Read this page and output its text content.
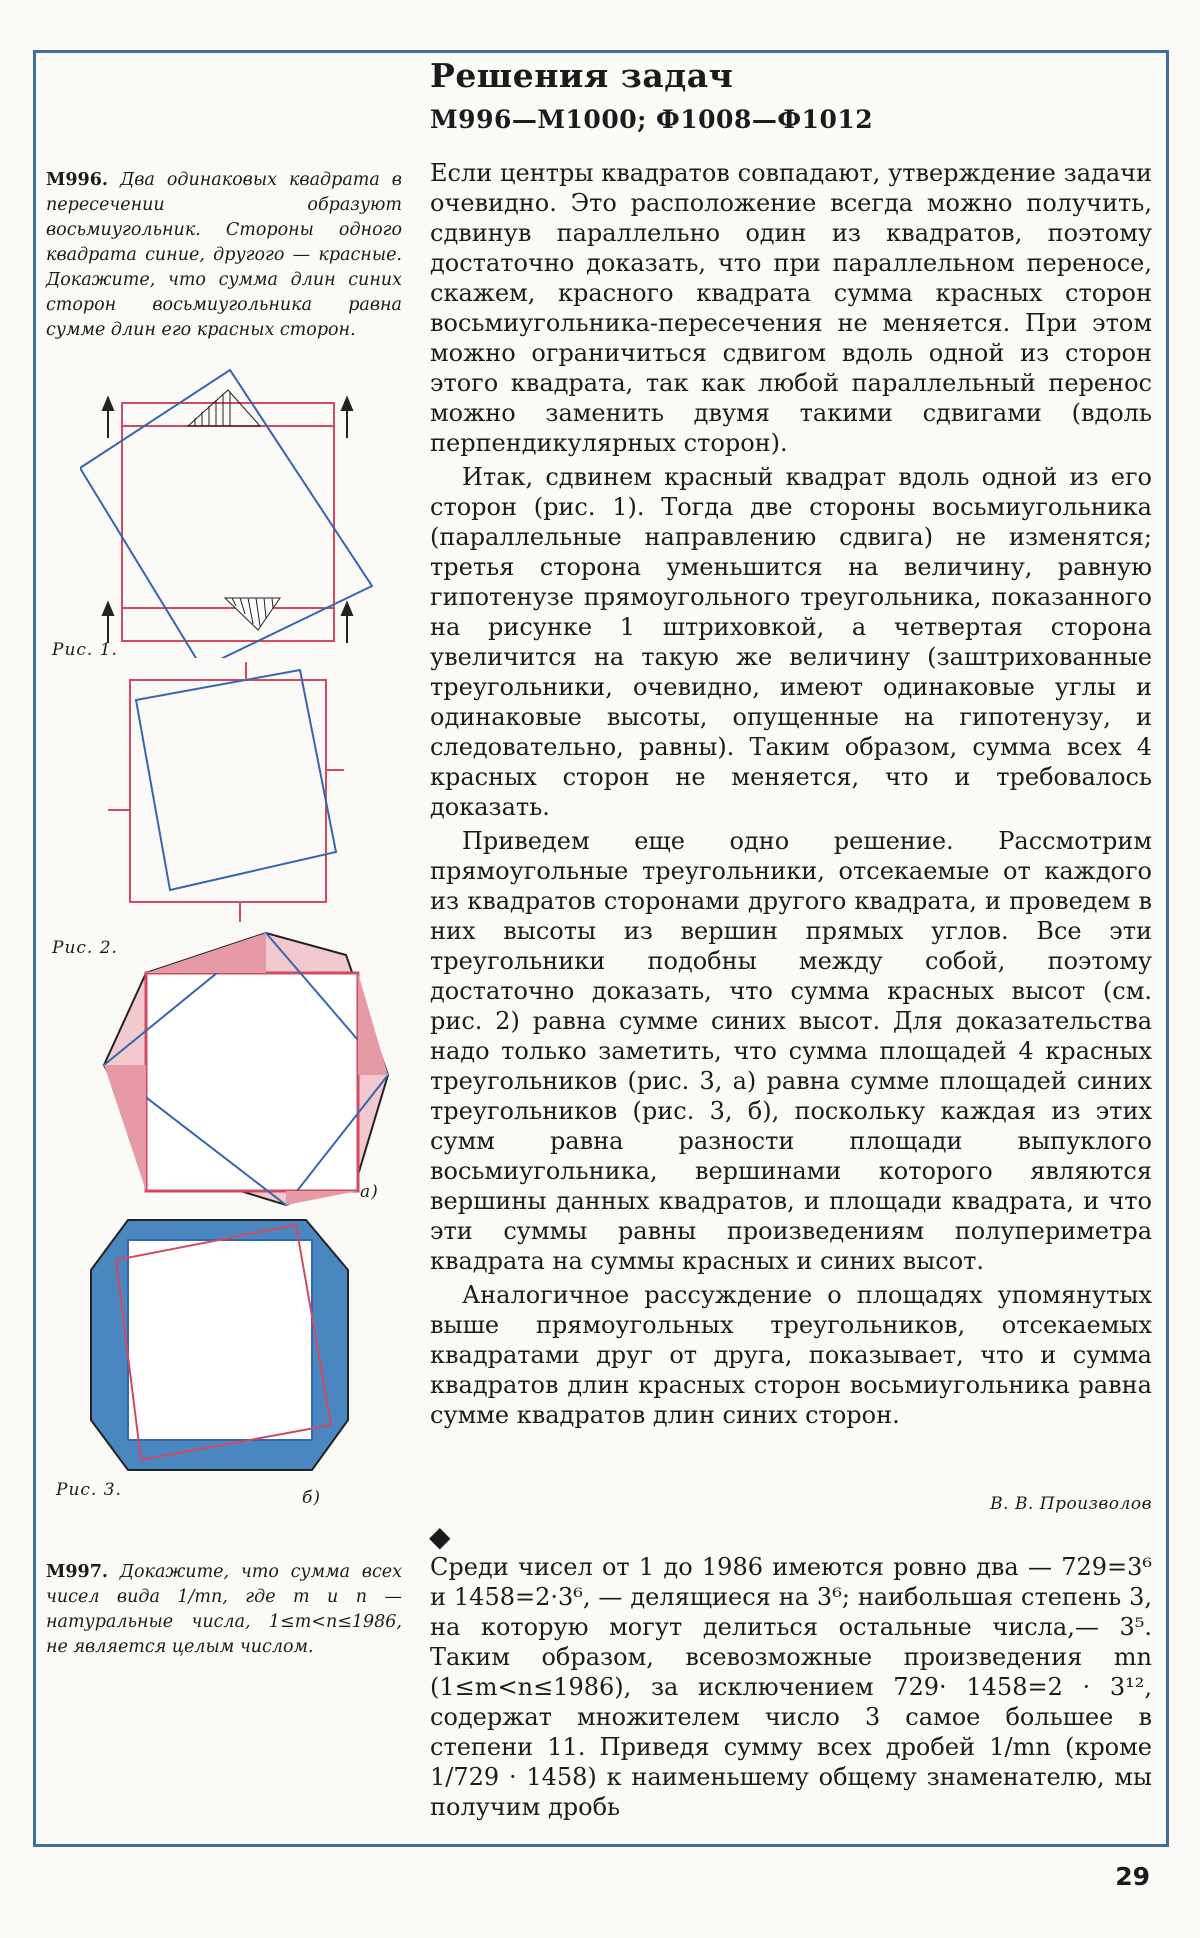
Решения задач
М996—М1000; Ф1008—Ф1012
М996. Два одинаковых квадрата в пересечении образуют восьмиугольник. Стороны одного квадрата синие, другого — красные. Докажите, что сумма длин синих сторон восьмиугольника равна сумме длин его красных сторон.
Рис. 1.
Рис. 2.
а)
Рис. 3.	б)
М997. Докажите, что сумма всех чисел вида 1/mn, где m и n — натуральные числа, 1≤m<n≤1986, не является целым числом.

Если центры квадратов совпадают, утверждение задачи очевидно. Это расположение всегда можно получить, сдвинув параллельно один из квадратов, поэтому достаточно доказать, что при параллельном переносе, скажем, красного квадрата сумма красных сторон восьмиугольника-пересечения не меняется. При этом можно ограничиться сдвигом вдоль одной из сторон этого квадрата, так как любой параллельный перенос можно заменить двумя такими сдвигами (вдоль перпендикулярных сторон).

Итак, сдвинем красный квадрат вдоль одной из его сторон (рис. 1). Тогда две стороны восьмиугольника (параллельные направлению сдвига) не изменятся; третья сторона уменьшится на величину, равную гипотенузе прямоугольного треугольника, показанного на рисунке 1 штриховкой, а четвертая сторона увеличится на такую же величину (заштрихованные треугольники, очевидно, имеют одинаковые углы и одинаковые высоты, опущенные на гипотенузу, и следовательно, равны). Таким образом, сумма всех 4 красных сторон не меняется, что и требовалось доказать.

Приведем еще одно решение. Рассмотрим прямоугольные треугольники, отсекаемые от каждого из квадратов сторонами другого квадрата, и проведем в них высоты из вершин прямых углов. Все эти треугольники подобны между собой, поэтому достаточно доказать, что сумма красных высот (см. рис. 2) равна сумме синих высот. Для доказательства надо только заметить, что сумма площадей 4 красных треугольников (рис. 3, а) равна сумме площадей синих треугольников (рис. 3, б), поскольку каждая из этих сумм равна разности площади выпуклого восьмиугольника, вершинами которого являются вершины данных квадратов, и площади квадрата, и что эти суммы равны произведениям полупериметра квадрата на суммы красных и синих высот.

Аналогичное рассуждение о площадях упомянутых выше прямоугольных треугольников, отсекаемых квадратами друг от друга, показывает, что и сумма квадратов длин красных сторон восьмиугольника равна сумме квадратов длин синих сторон.

В. В. Произволов
◆

Среди чисел от 1 до 1986 имеются ровно два — 729=3⁶ и 1458=2·3⁶, — делящиеся на 3⁶; наибольшая степень 3, на которую могут делиться остальные числа,— 3⁵. Таким образом, всевозможные произведения mn (1≤m<n≤1986), за исключением 729· 1458=2 · 3¹², содержат множителем число 3 самое большее в степени 11. Приведя сумму всех дробей 1/mn (кроме 1/729 · 1458) к наименьшему общему знаменателю, мы получим дробь

29
